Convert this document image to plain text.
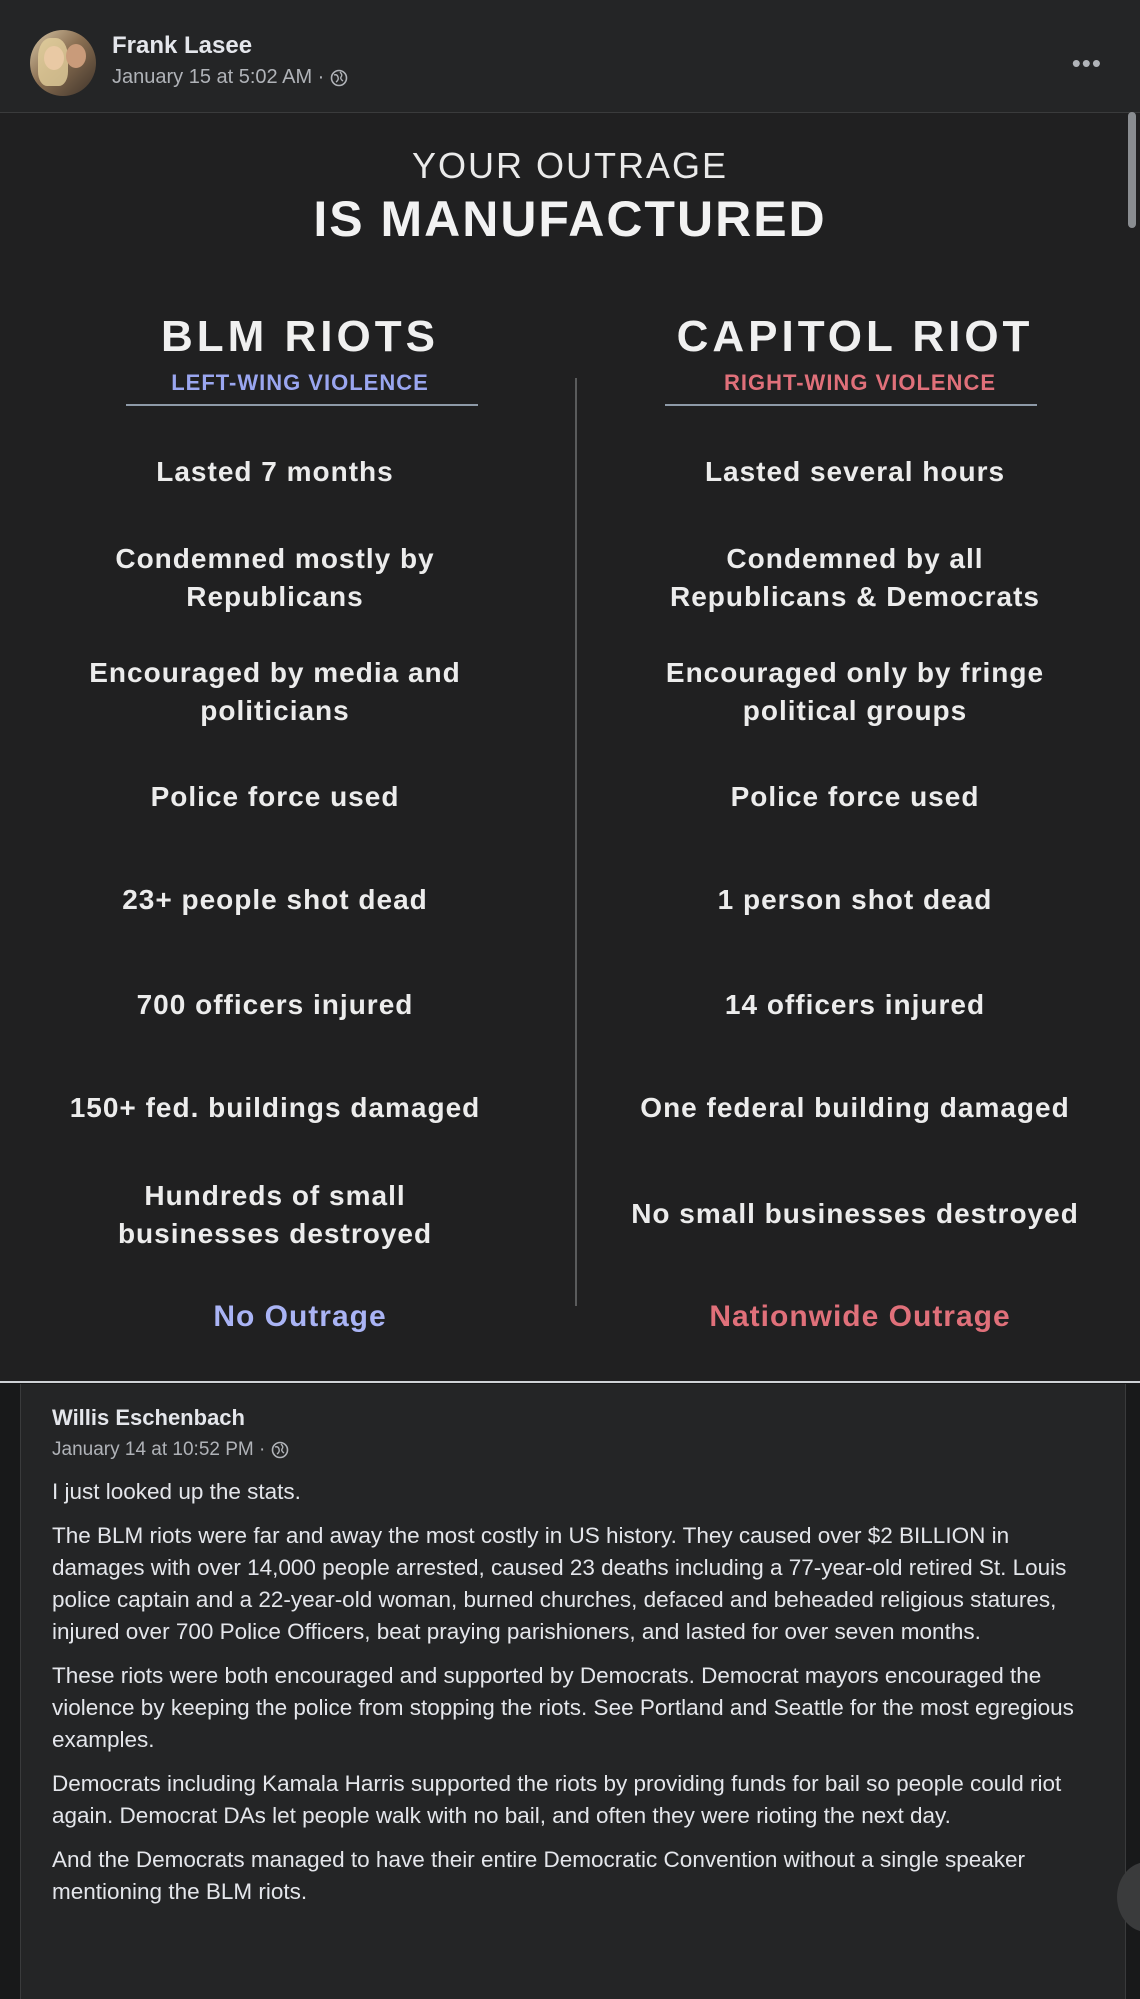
Frank Lasee
January 15 at 5:02 AM ·	•••
YOUR OUTRAGE
IS MANUFACTURED
BLM RIOTS
LEFT-WING VIOLENCE
CAPITOL RIOT
RIGHT-WING VIOLENCE
Lasted 7 months
Condemned mostly by
Republicans
Encouraged by media and
politicians
Police force used
23+ people shot dead
700 officers injured
150+ fed. buildings damaged
Hundreds of small
businesses destroyed
No Outrage
Lasted several hours
Condemned by all
Republicans & Democrats
Encouraged only by fringe
political groups
Police force used
1 person shot dead
14 officers injured
One federal building damaged
No small businesses destroyed
Nationwide Outrage
Willis Eschenbach
January 14 at 10:52 PM ·

I just looked up the stats.

The BLM riots were far and away the most costly in US history. They caused over $2 BILLION in damages with over 14,000 people arrested, caused 23 deaths including a 77-year-old retired St. Louis police captain and a 22-year-old woman, burned churches, defaced and beheaded religious statures, injured over 700 Police Officers, beat praying parishioners, and lasted for over seven months.

These riots were both encouraged and supported by Democrats. Democrat mayors encouraged the violence by keeping the police from stopping the riots. See Portland and Seattle for the most egregious examples.

Democrats including Kamala Harris supported the riots by providing funds for bail so people could riot again. Democrat DAs let people walk with no bail, and often they were rioting the next day.

And the Democrats managed to have their entire Democratic Convention without a single speaker mentioning the BLM riots.
